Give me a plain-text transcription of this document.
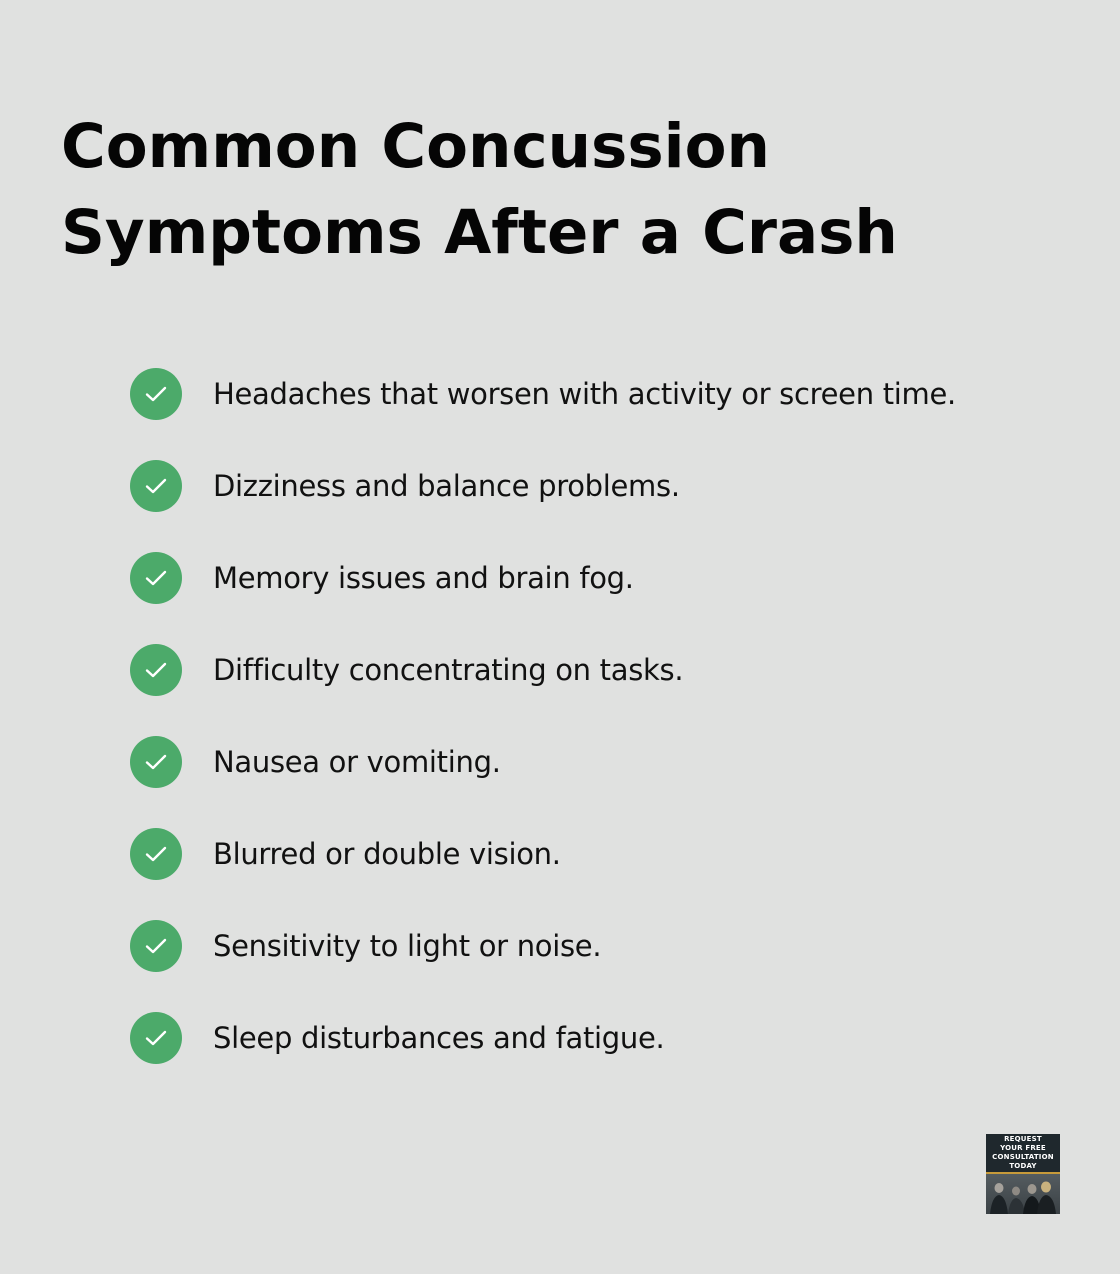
Common Concussion
Symptoms After a Crash
Headaches that worsen with activity or screen time.
Dizziness and balance problems.
Memory issues and brain fog.
Difficulty concentrating on tasks.
Nausea or vomiting.
Blurred or double vision.
Sensitivity to light or noise.
Sleep disturbances and fatigue.
REQUEST
YOUR FREE
CONSULTATION
TODAY
